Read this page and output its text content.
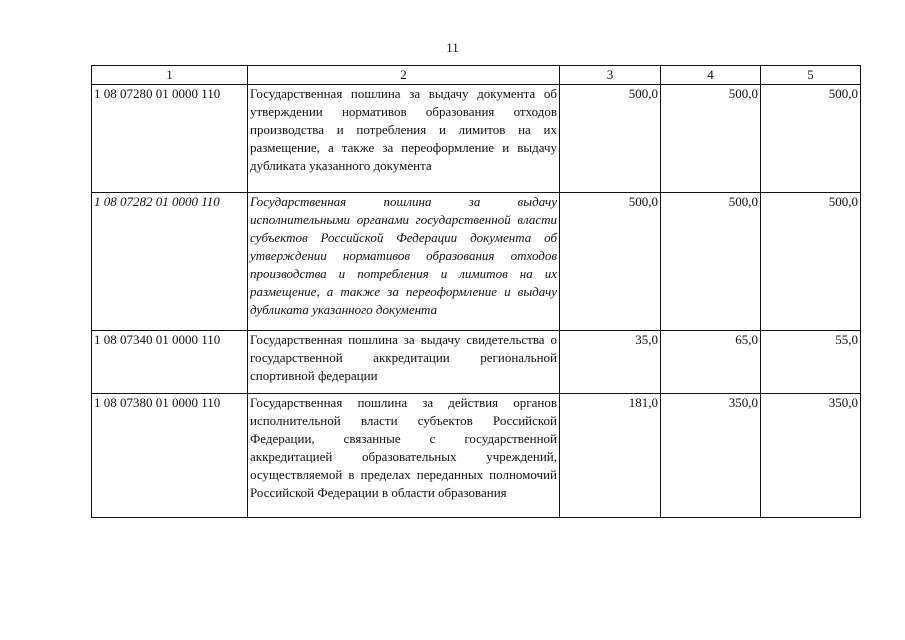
11
1	2	3	4	5
1 08 07280 01 0000 110	Государственная пошлина за выдачу документа об утверждении нормативов образования отходов производства и потребления и лимитов на их размещение, а также за переоформление и выдачу дубликата указанного документа	500,0	500,0	500,0
1 08 07282 01 0000 110	Государственная пошлина за выдачу исполнительными органами государственной власти субъектов Российской Федерации документа об утверждении нормативов образования отходов производства и потребления и лимитов на их размещение, а также за переоформление и выдачу дубликата указанного документа	500,0	500,0	500,0
1 08 07340 01 0000 110	Государственная пошлина за выдачу свидетельства о государственной аккредитации региональной спортивной федерации	35,0	65,0	55,0
1 08 07380 01 0000 110	Государственная пошлина за действия органов исполнительной власти субъектов Российской Федерации, связанные с государственной аккредитацией образовательных учреждений, осуществляемой в пределах переданных полномочий Российской Федерации в области образования	181,0	350,0	350,0
